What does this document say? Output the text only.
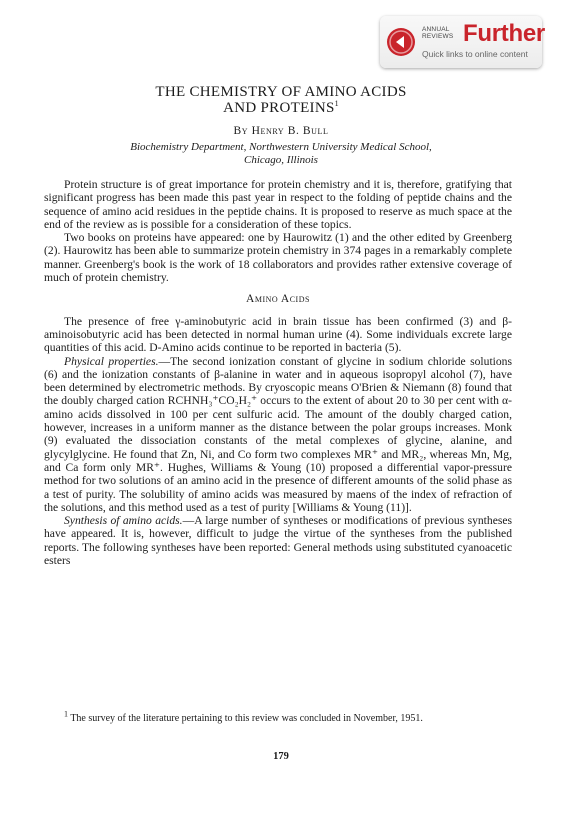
ANNUAL
REVIEWS Further
Quick links to online content
THE CHEMISTRY OF AMINO ACIDS
AND PROTEINS$^1$
By Henry B. Bull
Biochemistry Department, Northwestern University Medical School,
Chicago, Illinois

Protein structure is of great importance for protein chemistry and it is, therefore, gratifying that significant progress has been made this past year in respect to the folding of peptide chains and the sequence of amino acid residues in the peptide chains. It is proposed to reserve as much space at the end of the review as is possible for a consideration of these topics.

Two books on proteins have appeared: one by Haurowitz (1) and the other edited by Greenberg (2). Haurowitz has been able to summarize protein chemistry in 374 pages in a remarkably complete manner. Greenberg's book is the work of 18 collaborators and provides rather extensive coverage of much of protein chemistry.

Amino Acids

The presence of free γ-aminobutyric acid in brain tissue has been confirmed (3) and β-aminoisobutyric acid has been detected in normal human urine (4). Some individuals excrete large quantities of this acid. D-Amino acids continue to be reported in bacteria (5).

Physical properties.—The second ionization constant of glycine in sodium chloride solutions (6) and the ionization constants of β-alanine in water and in aqueous isopropyl alcohol (7), have been determined by electrometric methods. By cryoscopic means O'Brien & Niemann (8) found that the doubly charged cation RCHNH₃⁺CO₂H₂⁺ occurs to the extent of about 20 to 30 per cent with α-amino acids dissolved in 100 per cent sulfuric acid. The amount of the doubly charged cation, however, increases in a uniform manner as the distance between the polar groups increases. Monk (9) evaluated the dissociation constants of the metal complexes of glycine, alanine, and glycylglycine. He found that Zn, Ni, and Co form two complexes MR⁺ and MR₂, whereas Mn, Mg, and Ca form only MR⁺. Hughes, Williams & Young (10) proposed a differential vapor-pressure method for two solutions of an amino acid in the presence of different amounts of the solid phase as a test of purity. The solubility of amino acids was measured by maens of the index of refraction of the solutions, and this method used as a test of purity [Williams & Young (11)].

Synthesis of amino acids.—A large number of syntheses or modifications of previous syntheses have appeared. It is, however, difficult to judge the virtue of the syntheses from the published reports. The following syntheses have been reported: General methods using substituted cyanoacetic esters

$^1$ The survey of the literature pertaining to this review was concluded in November, 1951.
179
